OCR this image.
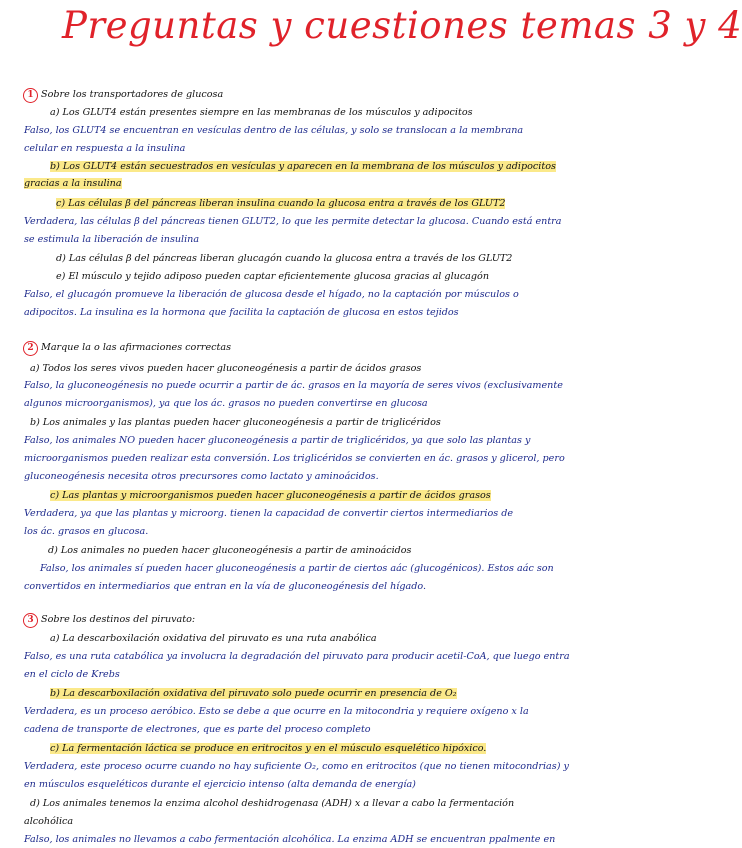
Preguntas y cuestiones temas 3 y 4
1 Sobre los transportadores de glucosa
a) Los GLUT4 están presentes siempre en las membranas de los músculos y adipocitos
Falso, los GLUT4 se encuentran en vesículas dentro de las células, y solo se translocan a la membrana
celular en respuesta a la insulina
b) Los GLUT4 están secuestrados en vesículas y aparecen en la membrana de los músculos y adipocitos
gracias a la insulina
c) Las células β del páncreas liberan insulina cuando la glucosa entra a través de los GLUT2
Verdadera, las células β del páncreas tienen GLUT2, lo que les permite detectar la glucosa. Cuando está entra
se estimula la liberación de insulina
d) Las células β del páncreas liberan glucagón cuando la glucosa entra a través de los GLUT2
e) El músculo y tejido adiposo pueden captar eficientemente glucosa gracias al glucagón
Falso, el glucagón promueve la liberación de glucosa desde el hígado, no la captación por músculos o
adipocitos. La insulina es la hormona que facilita la captación de glucosa en estos tejidos
2 Marque la o las afirmaciones correctas
a) Todos los seres vivos pueden hacer gluconeogénesis a partir de ácidos grasos
Falso, la gluconeogénesis no puede ocurrir a partir de ác. grasos en la mayoría de seres vivos (exclusivamente
algunos microorganismos), ya que los ác. grasos no pueden convertirse en glucosa
b) Los animales y las plantas pueden hacer gluconeogénesis a partir de triglicéridos
Falso, los animales NO pueden hacer gluconeogénesis a partir de triglicéridos, ya que solo las plantas y
microorganismos pueden realizar esta conversión. Los triglicéridos se convierten en ác. grasos y glicerol, pero
gluconeogénesis necesita otros precursores como lactato y aminoácidos.
c) Las plantas y microorganismos pueden hacer gluconeogénesis a partir de ácidos grasos
Verdadera, ya que las plantas y microorg. tienen la capacidad de convertir ciertos intermediarios de
los ác. grasos en glucosa.
d) Los animales no pueden hacer gluconeogénesis a partir de aminoácidos
Falso, los animales sí pueden hacer gluconeogénesis a partir de ciertos aác (glucogénicos). Estos aác son
convertidos en intermediarios que entran en la vía de gluconeogénesis del hígado.
3 Sobre los destinos del piruvato:
a) La descarboxilación oxidativa del piruvato es una ruta anabólica
Falso, es una ruta catabólica ya involucra la degradación del piruvato para producir acetil-CoA, que luego entra
en el ciclo de Krebs
b) La descarboxilación oxidativa del piruvato solo puede ocurrir en presencia de O₂
Verdadera, es un proceso aeróbico. Esto se debe a que ocurre en la mitocondria y requiere oxígeno x la
cadena de transporte de electrones, que es parte del proceso completo
c) La fermentación láctica se produce en eritrocitos y en el músculo esquelético hipóxico.
Verdadera, este proceso ocurre cuando no hay suficiente O₂, como en eritrocitos (que no tienen mitocondrias) y
en músculos esqueléticos durante el ejercicio intenso (alta demanda de energía)
d) Los animales tenemos la enzima alcohol deshidrogenasa (ADH) x a llevar a cabo la fermentación
alcohólica
Falso, los animales no llevamos a cabo fermentación alcohólica. La enzima ADH se encuentran ppalmente en
